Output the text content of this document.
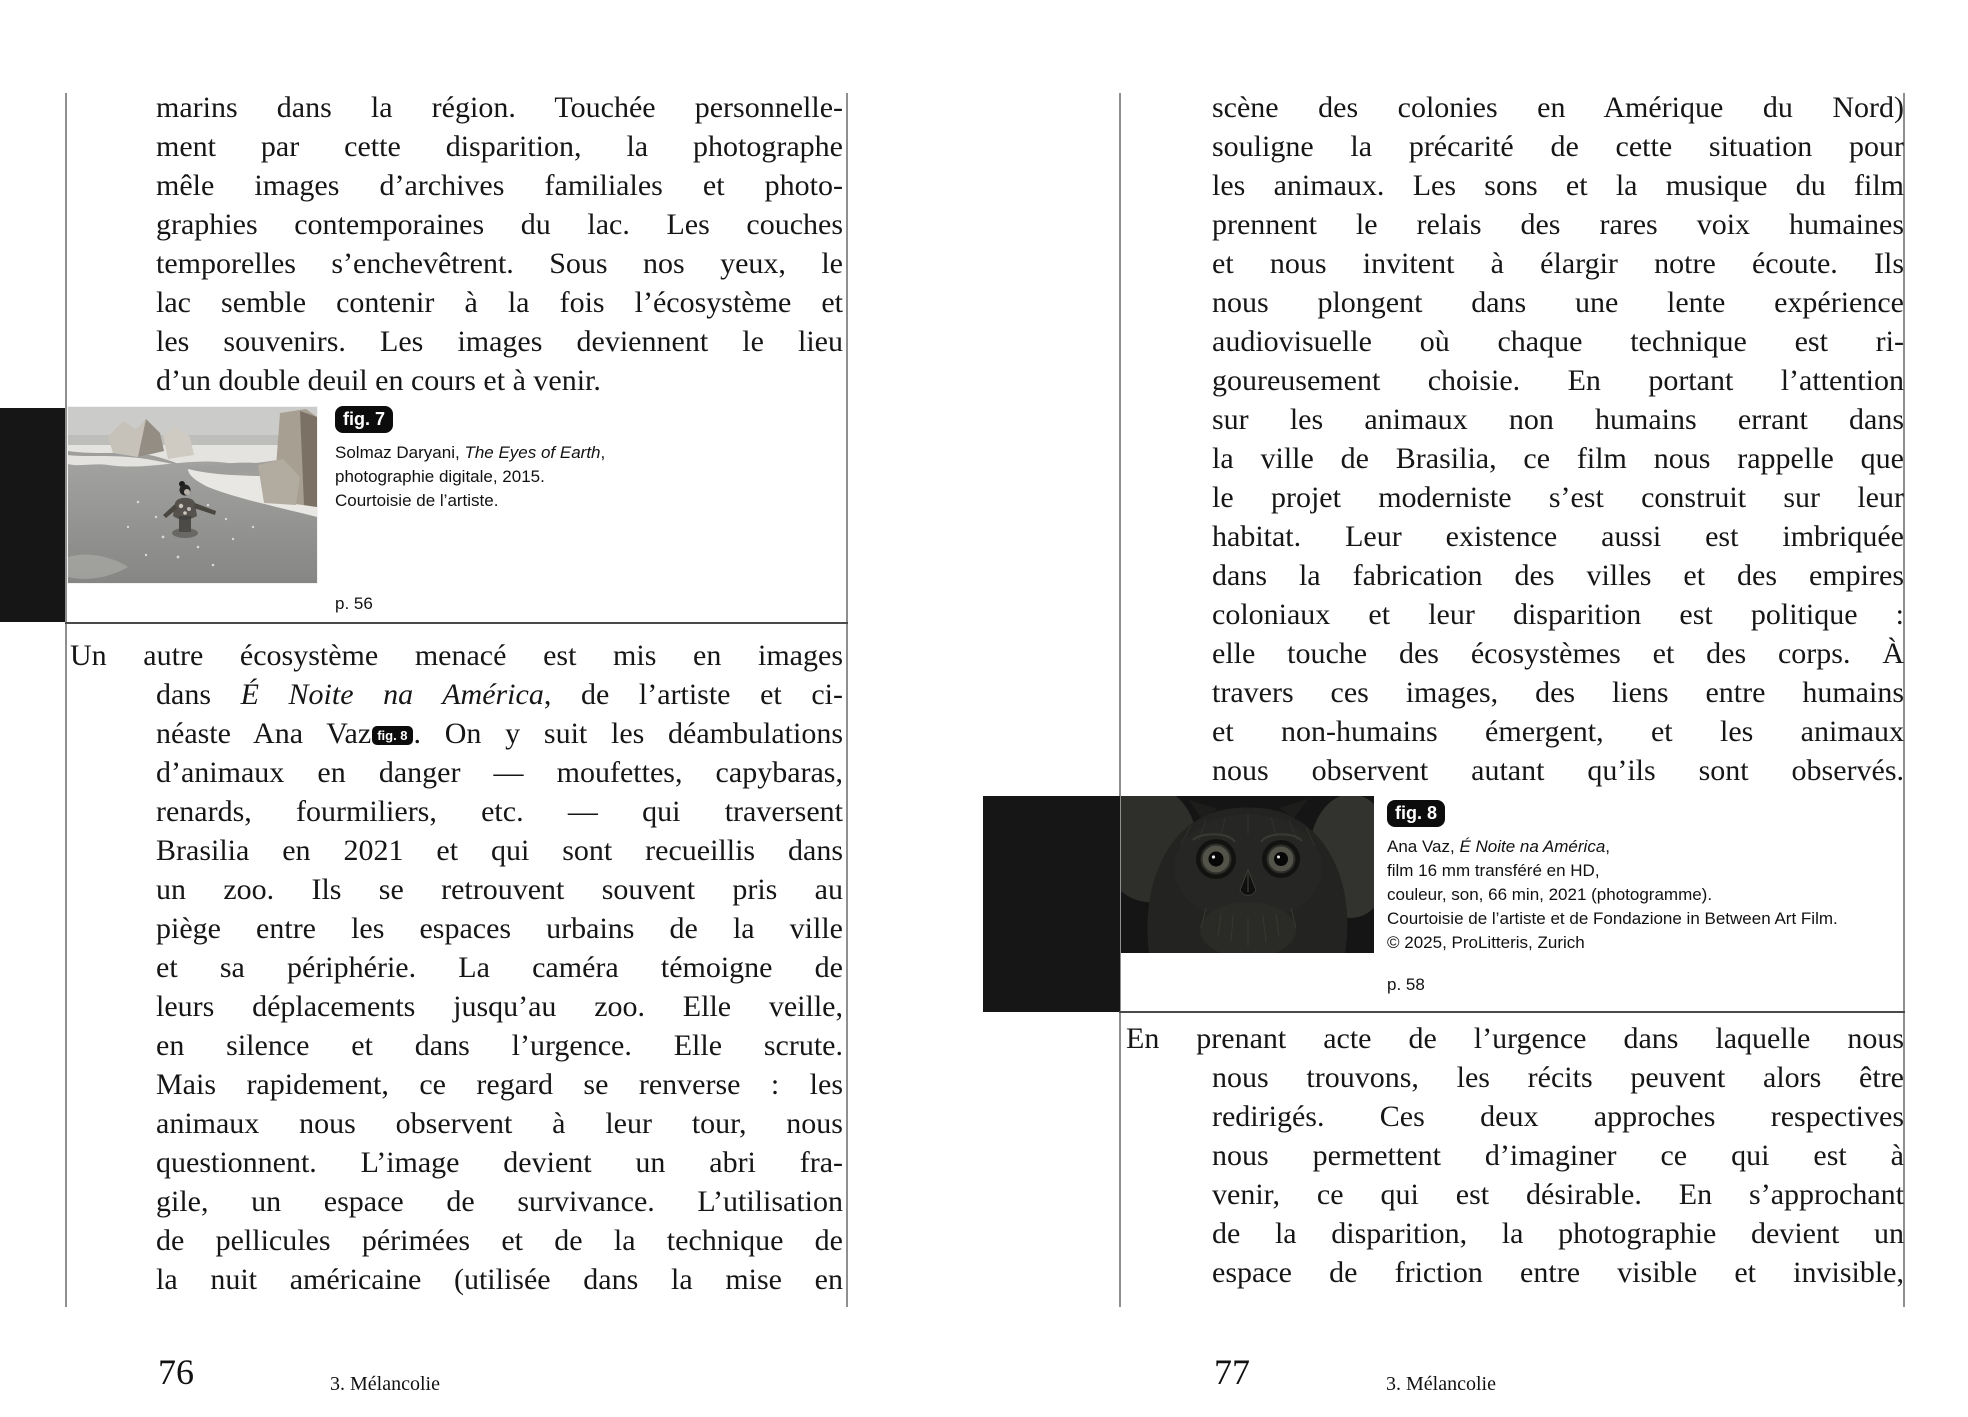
marins dans la région. Touchée personnelle-
ment par cette disparition, la photographe
mêle images d’archives familiales et photo-
graphies contemporaines du lac. Les couches
temporelles s’enchevêtrent. Sous nos yeux, le
lac semble contenir à la fois l’écosystème et
les souvenirs. Les images deviennent le lieu
d’un double deuil en cours et à venir.
fig. 7
Solmaz Daryani, The Eyes of Earth,
photographie digitale, 2015.
Courtoisie de l’artiste.
p. 56
Un autre écosystème menacé est mis en images
dans É Noite na América, de l’artiste et ci-
néaste Ana Vaz fig. 8 . On y suit les déambulations
d’animaux en danger — moufettes, capybaras,
renards, fourmiliers, etc. — qui traversent
Brasilia en 2021 et qui sont recueillis dans
un zoo. Ils se retrouvent souvent pris au
piège entre les espaces urbains de la ville
et sa périphérie. La caméra témoigne de
leurs déplacements jusqu’au zoo. Elle veille,
en silence et dans l’urgence. Elle scrute.
Mais rapidement, ce regard se renverse : les
animaux nous observent à leur tour, nous
questionnent. L’image devient un abri fra-
gile, un espace de survivance. L’utilisation
de pellicules périmées et de la technique de
la nuit américaine (utilisée dans la mise en
76	3. Mélancolie
scène des colonies en Amérique du Nord)
souligne la précarité de cette situation pour
les animaux. Les sons et la musique du film
prennent le relais des rares voix humaines
et nous invitent à élargir notre écoute. Ils
nous plongent dans une lente expérience
audiovisuelle où chaque technique est ri-
goureusement choisie. En portant l’attention
sur les animaux non humains errant dans
la ville de Brasilia, ce film nous rappelle que
le projet moderniste s’est construit sur leur
habitat. Leur existence aussi est imbriquée
dans la fabrication des villes et des empires
coloniaux et leur disparition est politique :
elle touche des écosystèmes et des corps. À
travers ces images, des liens entre humains
et non-humains émergent, et les animaux
nous observent autant qu’ils sont observés.
fig. 8
Ana Vaz, É Noite na América,
film 16 mm transféré en HD,
couleur, son, 66 min, 2021 (photogramme).
Courtoisie de l’artiste et de Fondazione in Between Art Film.
© 2025, ProLitteris, Zurich
p. 58
En prenant acte de l’urgence dans laquelle nous
nous trouvons, les récits peuvent alors être
redirigés. Ces deux approches respectives
nous permettent d’imaginer ce qui est à
venir, ce qui est désirable. En s’approchant
de la disparition, la photographie devient un
espace de friction entre visible et invisible,
77	3. Mélancolie
